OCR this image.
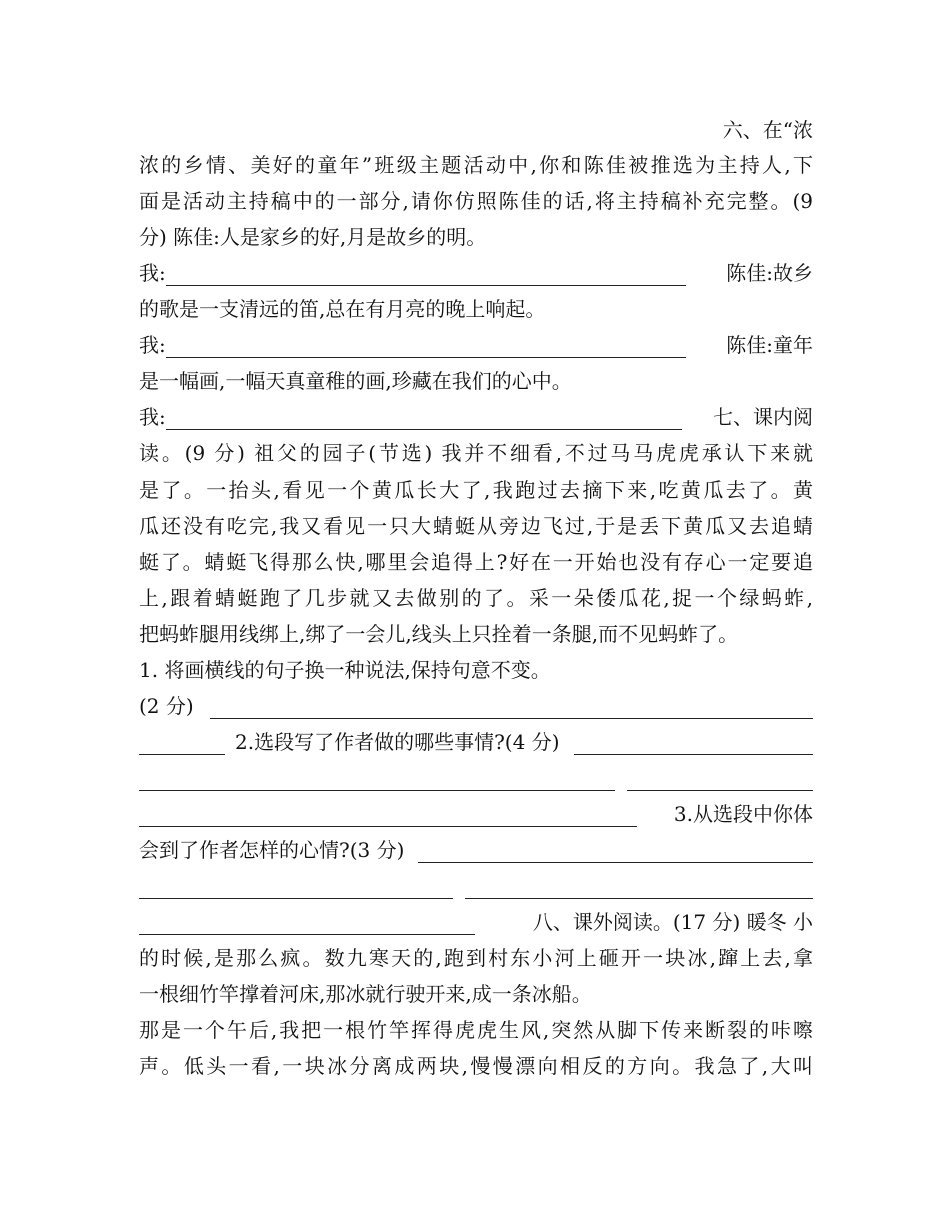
六、在“浓
浓的乡情、美好的童年”班级主题活动中,你和陈佳被推选为主持人,下
面是活动主持稿中的一部分,请你仿照陈佳的话,将主持稿补充完整。(9
分) 陈佳:人是家乡的好,月是故乡的明。
我:	陈佳:故乡
的歌是一支清远的笛,总在有月亮的晚上响起。
我:	陈佳:童年
是一幅画,一幅天真童稚的画,珍藏在我们的心中。
我:	七、课内阅
读。(9 分) 祖父的园子(节选) 我并不细看,不过马马虎虎承认下来就
是了。一抬头,看见一个黄瓜长大了,我跑过去摘下来,吃黄瓜去了。黄
瓜还没有吃完,我又看见一只大蜻蜓从旁边飞过,于是丢下黄瓜又去追蜻
蜓了。蜻蜓飞得那么快,哪里会追得上?好在一开始也没有存心一定要追
上,跟着蜻蜓跑了几步就又去做别的了。采一朵倭瓜花,捉一个绿蚂蚱,
把蚂蚱腿用线绑上,绑了一会儿,线头上只拴着一条腿,而不见蚂蚱了。
1. 将画横线的句子换一种说法,保持句意不变。
(2 分)
2.选段写了作者做的哪些事情?(4 分)
3.从选段中你体
会到了作者怎样的心情?(3 分)
八、课外阅读。(17 分) 暖冬 小
的时候,是那么疯。数九寒天的,跑到村东小河上砸开一块冰,蹿上去,拿
一根细竹竿撑着河床,那冰就行驶开来,成一条冰船。
那是一个午后,我把一根竹竿挥得虎虎生风,突然从脚下传来断裂的咔嚓
声。低头一看,一块冰分离成两块,慢慢漂向相反的方向。我急了,大叫
